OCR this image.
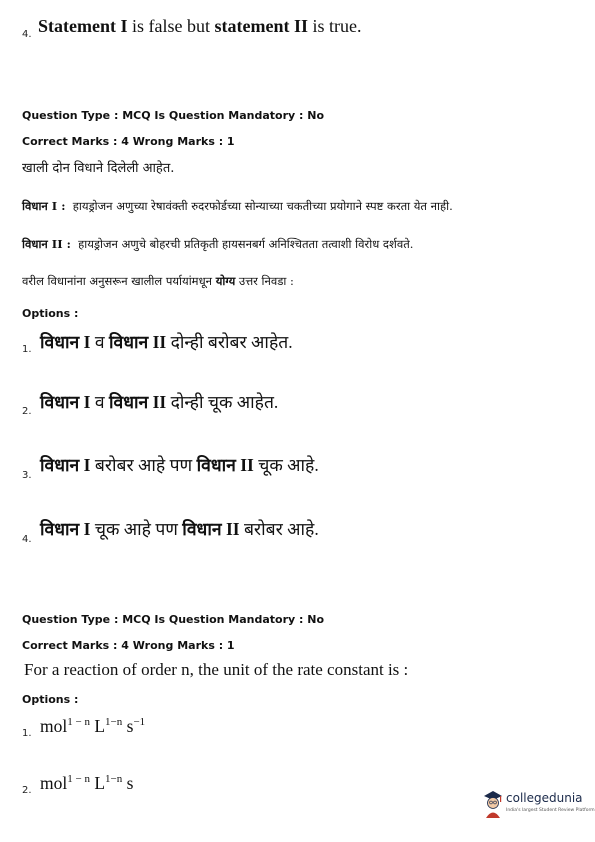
4. Statement I is false but statement II is true.
Question Type : MCQ Is Question Mandatory : No
Correct Marks : 4 Wrong Marks : 1
खाली दोन विधाने दिलेली आहेत.
विधान I : हायड्रोजन अणुच्या रेषावंक्ती रुदरफोर्डच्या सोन्याच्या चकतीच्या प्रयोगाने स्पष्ट करता येत नाही.
विधान II : हायड्रोजन अणुचे बोहरची प्रतिकृती हायसनबर्ग अनिश्चितता तत्वाशी विरोध दर्शवते.
वरील विधानांना अनुसरून खालील पर्यायांमधून योग्य उत्तर निवडा :
Options :
1. विधान I व विधान II दोन्ही बरोबर आहेत.
2. विधान I व विधान II दोन्ही चूक आहेत.
3.
विधान I बरोबर आहे पण विधान II चूक आहे.
4.
विधान I चूक आहे पण विधान II बरोबर आहे.
Question Type : MCQ Is Question Mandatory : No
Correct Marks : 4 Wrong Marks : 1
For a reaction of order n, the unit of the rate constant is :
Options :
1. mol$^{1 - n}$ $L^{1-n}$ $s^{-1}$
2. mol$^{1 - n}$ $L^{1-n}$ s
collegedunia
India's largest Student Review Platform
